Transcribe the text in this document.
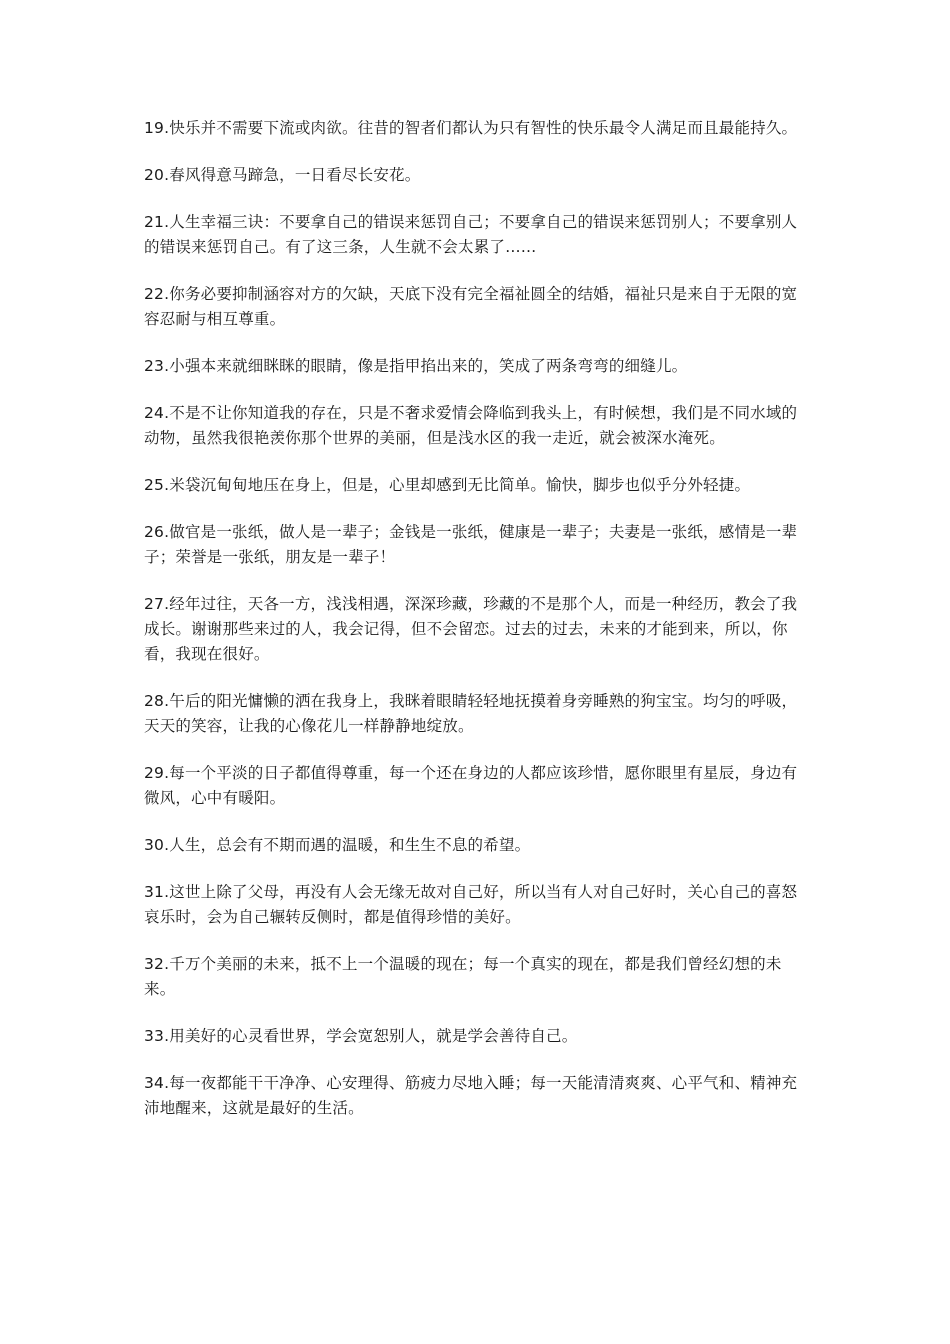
19.快乐并不需要下流或肉欲。往昔的智者们都认为只有智性的快乐最令人满足而且最能持久。

20.春风得意马蹄急，一日看尽长安花。

21.人生幸福三诀：不要拿自己的错误来惩罚自己；不要拿自己的错误来惩罚别人；不要拿别人的错误来惩罚自己。有了这三条，人生就不会太累了……

22.你务必要抑制涵容对方的欠缺，天底下没有完全福祉圆全的结婚，福祉只是来自于无限的宽容忍耐与相互尊重。

23.小强本来就细眯眯的眼睛，像是指甲掐出来的，笑成了两条弯弯的细缝儿。

24.不是不让你知道我的存在，只是不奢求爱情会降临到我头上，有时候想，我们是不同水域的动物，虽然我很艳羡你那个世界的美丽，但是浅水区的我一走近，就会被深水淹死。

25.米袋沉甸甸地压在身上，但是，心里却感到无比简单。愉快，脚步也似乎分外轻捷。

26.做官是一张纸，做人是一辈子；金钱是一张纸，健康是一辈子；夫妻是一张纸，感情是一辈子；荣誉是一张纸，朋友是一辈子！

27.经年过往，天各一方，浅浅相遇，深深珍藏，珍藏的不是那个人，而是一种经历，教会了我成长。谢谢那些来过的人，我会记得，但不会留恋。过去的过去，未来的才能到来，所以，你看，我现在很好。

28.午后的阳光慵懒的洒在我身上，我眯着眼睛轻轻地抚摸着身旁睡熟的狗宝宝。均匀的呼吸，天天的笑容，让我的心像花儿一样静静地绽放。

29.每一个平淡的日子都值得尊重，每一个还在身边的人都应该珍惜，愿你眼里有星辰，身边有微风，心中有暖阳。

30.人生，总会有不期而遇的温暖，和生生不息的希望。

31.这世上除了父母，再没有人会无缘无故对自己好，所以当有人对自己好时，关心自己的喜怒哀乐时，会为自己辗转反侧时，都是值得珍惜的美好。

32.千万个美丽的未来，抵不上一个温暖的现在；每一个真实的现在，都是我们曾经幻想的未来。

33.用美好的心灵看世界，学会宽恕别人，就是学会善待自己。

34.每一夜都能干干净净、心安理得、筋疲力尽地入睡；每一天能清清爽爽、心平气和、精神充沛地醒来，这就是最好的生活。
